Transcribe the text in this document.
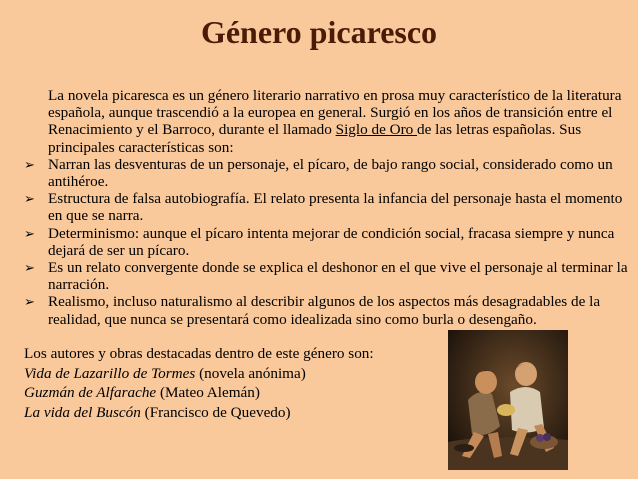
Género picaresco

La novela picaresca es un género literario narrativo en prosa muy característico de la literatura española, aunque trascendió a la europea en general. Surgió en los años de transición entre el Renacimiento y el Barroco, durante el llamado Siglo de Oro de las letras españolas. Sus principales características son:

➢ Narran las desventuras de un personaje, el pícaro, de bajo rango social, considerado como un antihéroe.
➢ Estructura de falsa autobiografía. El relato presenta la infancia del personaje hasta el momento en que se narra.
➢ Determinismo: aunque el pícaro intenta mejorar de condición social, fracasa siempre y nunca dejará de ser un pícaro.
➢ Es un relato convergente donde se explica el deshonor en el que vive el personaje al terminar la narración.
➢ Realismo, incluso naturalismo al describir algunos de los aspectos más desagradables de la realidad, que nunca se presentará como idealizada sino como burla o desengaño.
Los autores y obras destacadas dentro de este género son:
Vida de Lazarillo de Tormes (novela anónima)
Guzmán de Alfarache (Mateo Alemán)
La vida del Buscón (Francisco de Quevedo)
